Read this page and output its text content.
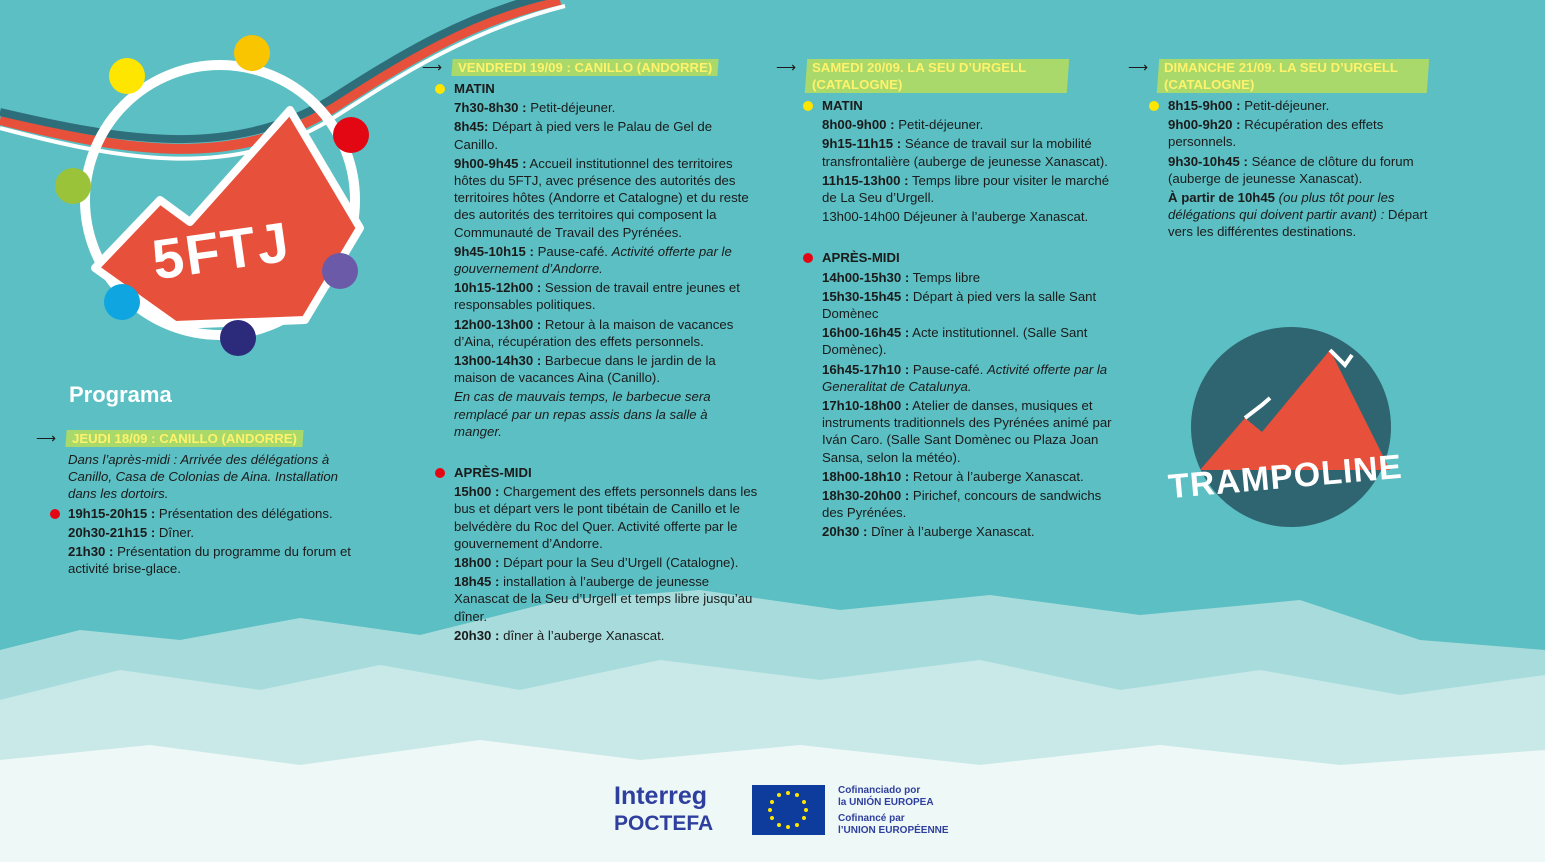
5FTJ
Programa
⟶ JEUDI 18/09 : CANILLO (ANDORRE)
Dans l’après-midi : Arrivée des délégations à Canillo, Casa de Colonias de Aina. Installation dans les dortoirs.
19h15-20h15 : Présentation des délégations.
20h30-21h15 : Dîner.
21h30 : Présentation du programme du forum et activité brise-glace.
⟶ VENDREDI 19/09 : CANILLO (ANDORRE)
MATIN
7h30-8h30 : Petit-déjeuner.
8h45: Départ à pied vers le Palau de Gel de Canillo.
9h00-9h45 : Accueil institutionnel des territoires hôtes du 5FTJ, avec présence des autorités des territoires hôtes (Andorre et Catalogne) et du reste des autorités des territoires qui composent la Communauté de Travail des Pyrénées.
9h45-10h15 : Pause-café. Activité offerte par le gouvernement d’Andorre.
10h15-12h00 : Session de travail entre jeunes et responsables politiques.
12h00-13h00 : Retour à la maison de vacances d’Aina, récupération des effets personnels.
13h00-14h30 : Barbecue dans le jardin de la maison de vacances Aina (Canillo).
En cas de mauvais temps, le barbecue sera remplacé par un repas assis dans la salle à manger.
APRÈS-MIDI
15h00 : Chargement des effets personnels dans les bus et départ vers le pont tibétain de Canillo et le belvédère du Roc del Quer. Activité offerte par le gouvernement d’Andorre.
18h00 : Départ pour la Seu d’Urgell (Catalogne).
18h45 : installation à l’auberge de jeunesse Xanascat de la Seu d’Urgell et temps libre jusqu’au dîner.
20h30 : dîner à l’auberge Xanascat.
⟶ SAMEDI 20/09. LA SEU D’URGELL (CATALOGNE)
MATIN
8h00-9h00 : Petit-déjeuner.
9h15-11h15 : Séance de travail sur la mobilité transfrontalière (auberge de jeunesse Xanascat).
11h15-13h00 : Temps libre pour visiter le marché de La Seu d’Urgell.
13h00-14h00 Déjeuner à l’auberge Xanascat.
APRÈS-MIDI
14h00-15h30 : Temps libre
15h30-15h45 : Départ à pied vers la salle Sant Domènec
16h00-16h45 : Acte institutionnel. (Salle Sant Domènec).
16h45-17h10 : Pause-café. Activité offerte par la Generalitat de Catalunya.
17h10-18h00 : Atelier de danses, musiques et instruments traditionnels des Pyrénées animé par Iván Caro. (Salle Sant Domènec ou Plaza Joan Sansa, selon la météo).
18h00-18h10 : Retour à l’auberge Xanascat.
18h30-20h00 : Pirichef, concours de sandwichs des Pyrénées.
20h30 : Dîner à l’auberge Xanascat.
⟶ DIMANCHE 21/09. LA SEU D’URGELL (CATALOGNE)
8h15-9h00 : Petit-déjeuner.
9h00-9h20 : Récupération des effets personnels.
9h30-10h45 : Séance de clôture du forum (auberge de jeunesse Xanascat).
À partir de 10h45 (ou plus tôt pour les délégations qui doivent partir avant) : Départ vers les différentes destinations.
TRAMPOLINE
Interreg
POCTEFA
Cofinanciado por
la UNIÓN EUROPEA
Cofinancé par
l’UNION EUROPÉENNE
